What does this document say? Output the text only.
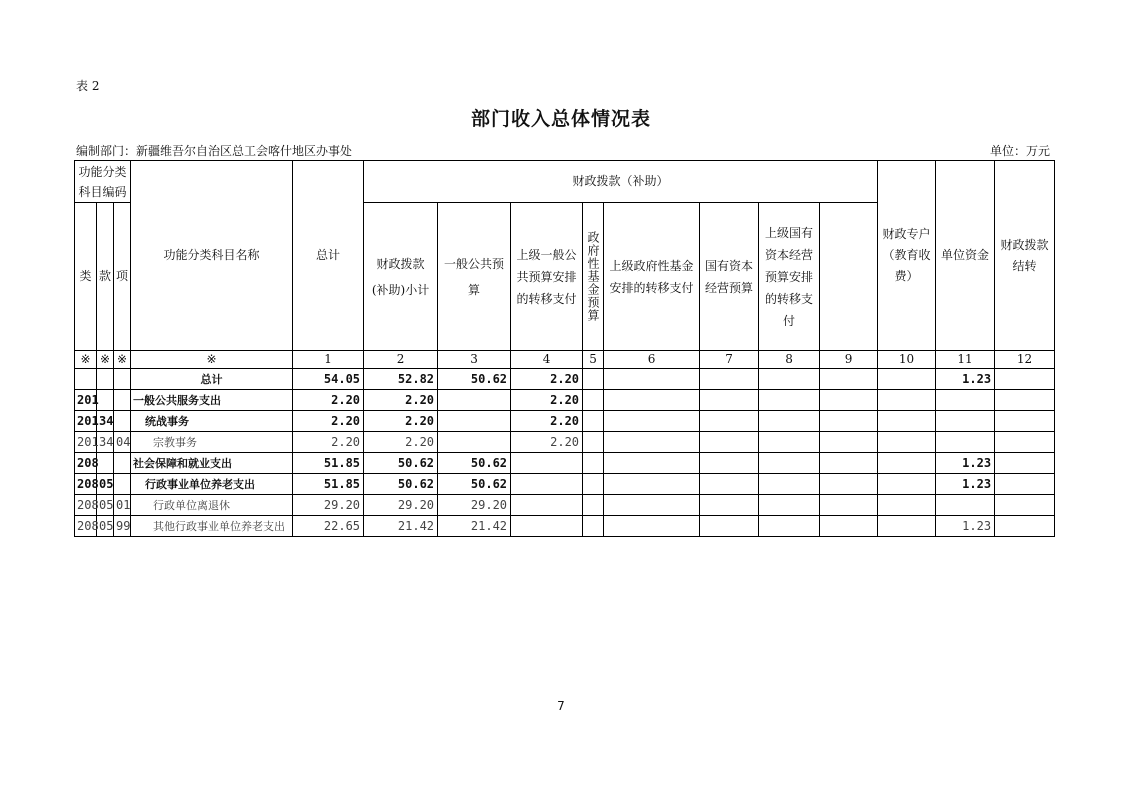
表 2
部门收入总体情况表
编制部门：新疆维吾尔自治区总工会喀什地区办事处	单位：万元
功能分类科目编码			功能分类科目名称	总计	财政拨款（补助）								财政专户（教育收费）	单位资金	财政拨款结转

类	款	项			财政拨款(补助)小计	一般公共预算	上级一般公共预算安排的转移支付	政府性基金预算	上级政府性基金安排的转移支付	国有资本经营预算	上级国有资本经营预算安排的转移支付					

※	※	※	※	1	2	3	4	5	6	7	8	9	10	11	12	
			总计	54.05	52.82	50.62	2.20							1.23		
201			一般公共服务支出	2.20	2.20		2.20									
201	34		统战事务	2.20	2.20		2.20									
201	34	04	宗教事务	2.20	2.20		2.20									
208			社会保障和就业支出	51.85	50.62	50.62								1.23		
208	05		行政事业单位养老支出	51.85	50.62	50.62								1.23		
208	05	01	行政单位离退休	29.20	29.20	29.20										
208	05	99	其他行政事业单位养老支出	22.65	21.42	21.42								1.23		
7
